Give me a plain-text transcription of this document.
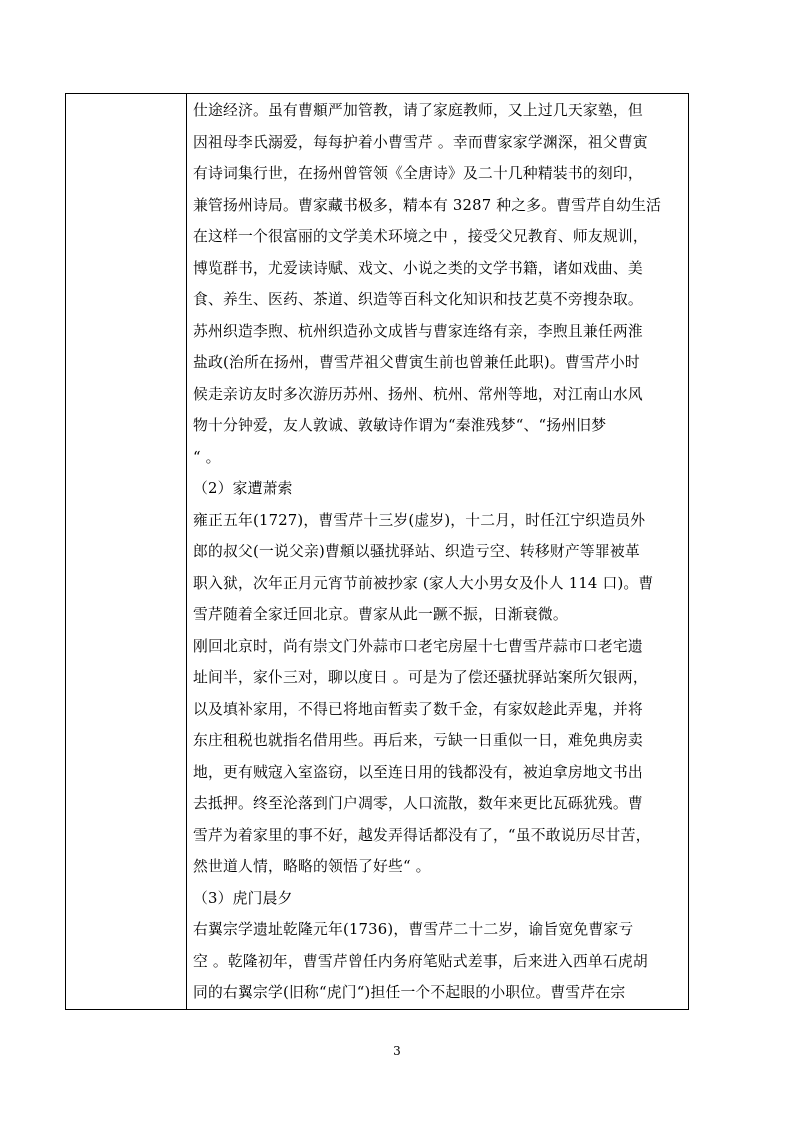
仕途经济。虽有曹頫严加管教，请了家庭教师，又上过几天家塾，但
因祖母李氏溺爱，每每护着小曹雪芹 。幸而曹家家学渊深，祖父曹寅
有诗词集行世，在扬州曾管领《全唐诗》及二十几种精装书的刻印，
兼管扬州诗局。曹家藏书极多，精本有 3287 种之多。曹雪芹自幼生活
在这样一个很富丽的文学美术环境之中 ，接受父兄教育、师友规训，
博览群书，尤爱读诗赋、戏文、小说之类的文学书籍，诸如戏曲、美
食、养生、医药、茶道、织造等百科文化知识和技艺莫不旁搜杂取。
苏州织造李煦、杭州织造孙文成皆与曹家连络有亲，李煦且兼任两淮
盐政(治所在扬州，曹雪芹祖父曹寅生前也曾兼任此职)。曹雪芹小时
候走亲访友时多次游历苏州、扬州、杭州、常州等地，对江南山水风
物十分钟爱，友人敦诚、敦敏诗作谓为“秦淮残梦“、“扬州旧梦
“ 。
（2）家遭萧索
雍正五年(1727)，曹雪芹十三岁(虚岁)，十二月，时任江宁织造员外
郎的叔父(一说父亲)曹頫以骚扰驿站、织造亏空、转移财产等罪被革
职入狱，次年正月元宵节前被抄家 (家人大小男女及仆人 114 口)。曹
雪芹随着全家迁回北京。曹家从此一蹶不振，日渐衰微。
刚回北京时，尚有崇文门外蒜市口老宅房屋十七曹雪芹蒜市口老宅遗
址间半，家仆三对，聊以度日 。可是为了偿还骚扰驿站案所欠银两，
以及填补家用，不得已将地亩暂卖了数千金，有家奴趁此弄鬼，并将
东庄租税也就指名借用些。再后来，亏缺一日重似一日，难免典房卖
地，更有贼寇入室盗窃，以至连日用的钱都没有，被迫拿房地文书出
去抵押。终至沦落到门户凋零，人口流散，数年来更比瓦砾犹残。曹
雪芹为着家里的事不好，越发弄得话都没有了，“虽不敢说历尽甘苦，
然世道人情，略略的领悟了好些“ 。
（3）虎门晨夕
右翼宗学遗址乾隆元年(1736)，曹雪芹二十二岁，谕旨宽免曹家亏
空 。乾隆初年，曹雪芹曾任内务府笔贴式差事，后来进入西单石虎胡
同的右翼宗学(旧称“虎门“)担任一个不起眼的小职位。曹雪芹在宗
3
